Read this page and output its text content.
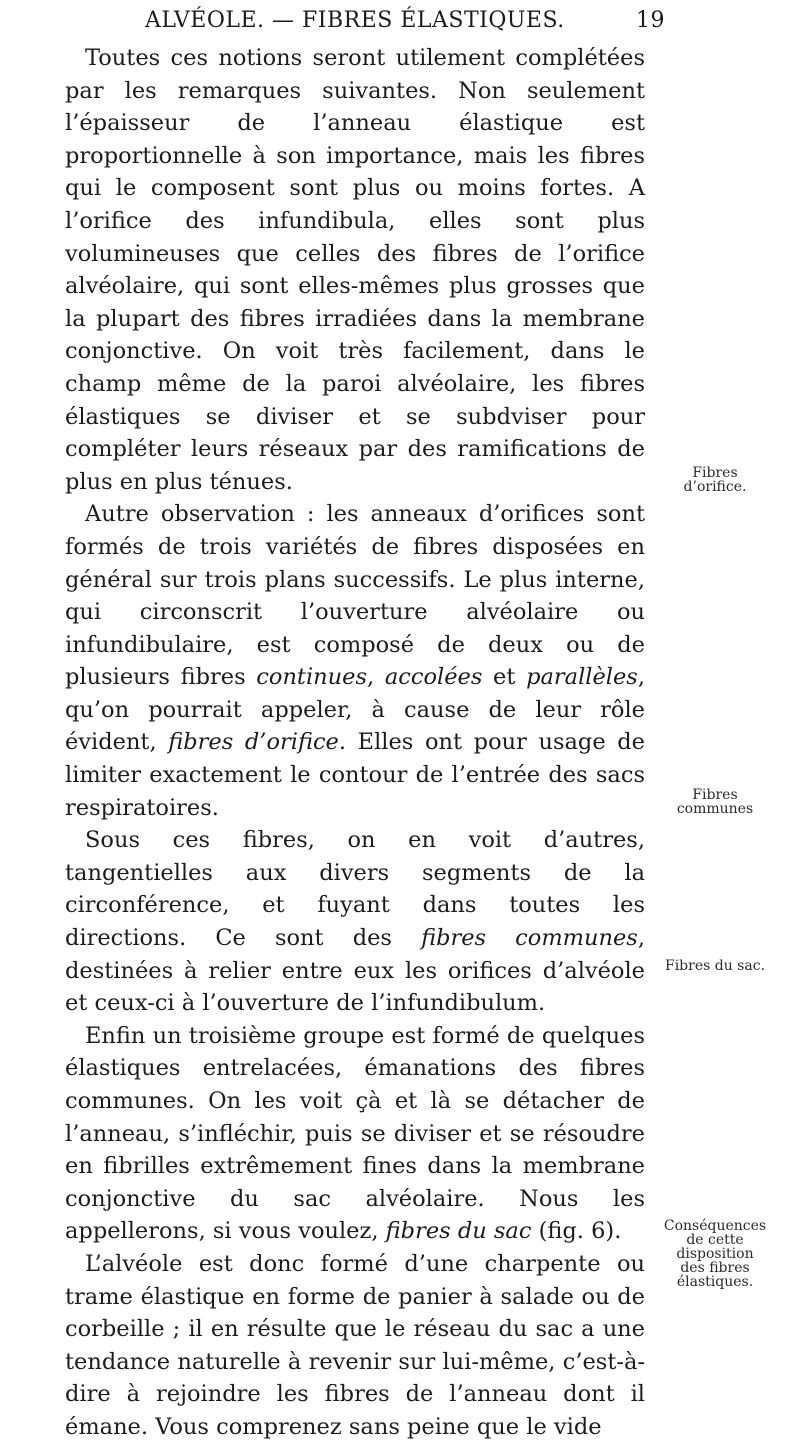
ALVÉOLE. — FIBRES ÉLASTIQUES.	19

Toutes ces notions seront utilement complétées par les remarques suivantes. Non seulement l’épaisseur de l’anneau élastique est proportionnelle à son importance, mais les fibres qui le composent sont plus ou moins fortes. A l’orifice des infundibula, elles sont plus volumineuses que celles des fibres de l’orifice alvéolaire, qui sont elles-mêmes plus grosses que la plupart des fibres irradiées dans la membrane conjonctive. On voit très facilement, dans le champ même de la paroi alvéolaire, les fibres élastiques se diviser et se subdviser pour compléter leurs réseaux par des ramifications de plus en plus ténues.

Autre observation : les anneaux d’orifices sont formés de trois variétés de fibres disposées en général sur trois plans successifs. Le plus interne, qui circonscrit l’ouverture alvéolaire ou infundibulaire, est composé de deux ou de plusieurs fibres continues, accolées et parallèles, qu’on pourrait appeler, à cause de leur rôle évident, fibres d’orifice. Elles ont pour usage de limiter exactement le contour de l’entrée des sacs respiratoires.

Sous ces fibres, on en voit d’autres, tangentielles aux divers segments de la circonférence, et fuyant dans toutes les directions. Ce sont des fibres communes, destinées à relier entre eux les orifices d’alvéole et ceux-ci à l’ouverture de l’infundibulum.

Enfin un troisième groupe est formé de quelques élastiques entrelacées, émanations des fibres communes. On les voit çà et là se détacher de l’anneau, s’infléchir, puis se diviser et se résoudre en fibrilles extrêmement fines dans la membrane conjonctive du sac alvéolaire. Nous les appellerons, si vous voulez, fibres du sac (fig. 6).

L’alvéole est donc formé d’une charpente ou trame élastique en forme de panier à salade ou de corbeille ; il en résulte que le réseau du sac a une tendance naturelle à revenir sur lui-même, c’est-à-dire à rejoindre les fibres de l’anneau dont il émane. Vous comprenez sans peine que le vide

Fibres
d’orifice.
Fibres
communes
Fibres du sac.
Conséquences
de cette
disposition
des fibres
élastiques.
